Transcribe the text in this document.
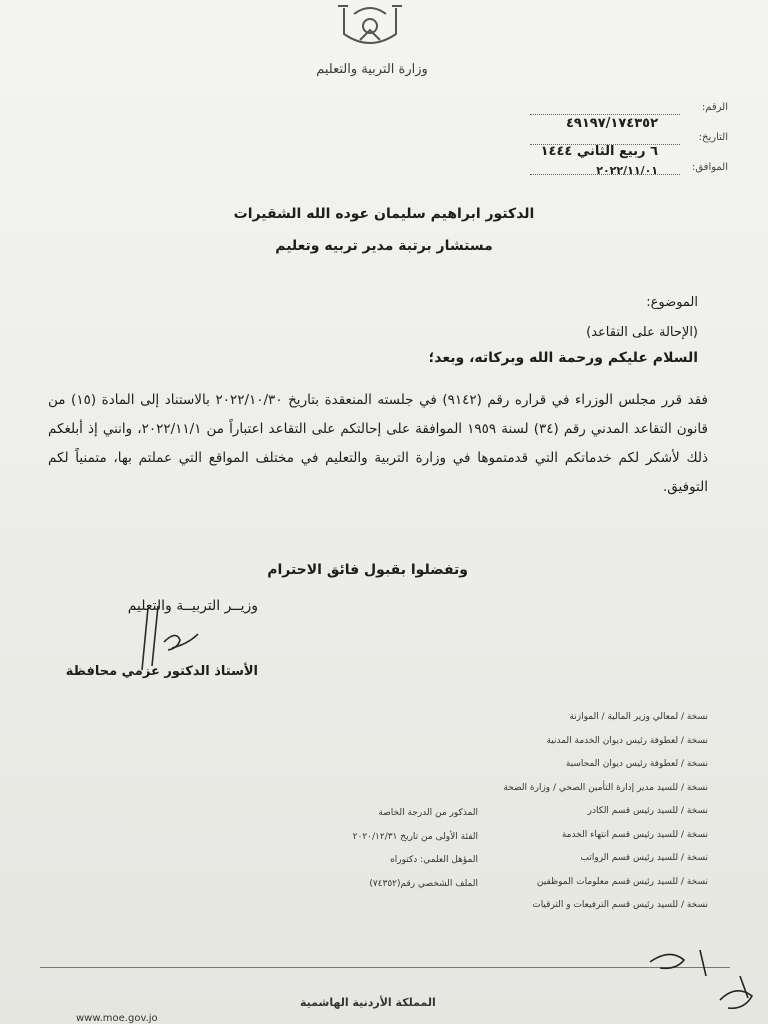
وزارة التربية والتعليم
الرقم:
٤٩١٩٧/١٧٤٣٥٢
التاريخ:
٦ ربيع الثاني ١٤٤٤
الموافق:
٢٠٢٢/١١/٠١
الدكتور ابراهيم سليمان عوده الله الشقيرات
مستشار برتبة مدير تربيه وتعليم
الموضوع:
(الإحالة على التقاعد)
السلام عليكم ورحمة الله وبركاته، وبعد؛
فقد قرر مجلس الوزراء في قراره رقم (٩١٤٢) في جلسته المنعقدة بتاريخ ٢٠٢٢/١٠/٣٠ بالاستناد إلى المادة (١٥) من قانون التقاعد المدني رقم (٣٤) لسنة ١٩٥٩ الموافقة على إحالتكم على التقاعد اعتباراً من ٢٠٢٢/١١/١، وانني إذ أبلغكم ذلك لأشكر لكم خدماتكم التي قدمتموها في وزارة التربية والتعليم في مختلف المواقع التي عملتم بها، متمنياً لكم التوفيق.
وتفضلوا بقبول فائق الاحترام
وزيــر التربيــة والتعليم
الأستاذ الدكتور عزمي محافظة
نسخة / لمعالي وزير المالية / الموازنة
نسخة / لعطوفة رئيس ديوان الخدمة المدنية
نسخة / لعطوفة رئيس ديوان المحاسبة
نسخة / للسيد مدير إدارة التأمين الصحي / وزارة الصحة
نسخة / للسيد رئيس قسم الكادر
نسخة / للسيد رئيس قسم انتهاء الخدمة
نسخة / للسيد رئيس قسم الرواتب
نسخة / للسيد رئيس قسم معلومات الموظفين
نسخة / للسيد رئيس قسم الترفيعات و الترقيات
المذكور من الدرجة الخاصة
الفئة الأولى من تاريخ ٢٠٢٠/١٢/٣١
المؤهل العلمي: دكتوراه
الملف الشخصي رقم(٧٤٣٥٢)
المملكة الأردنية الهاشمية
www.moe.gov.jo
